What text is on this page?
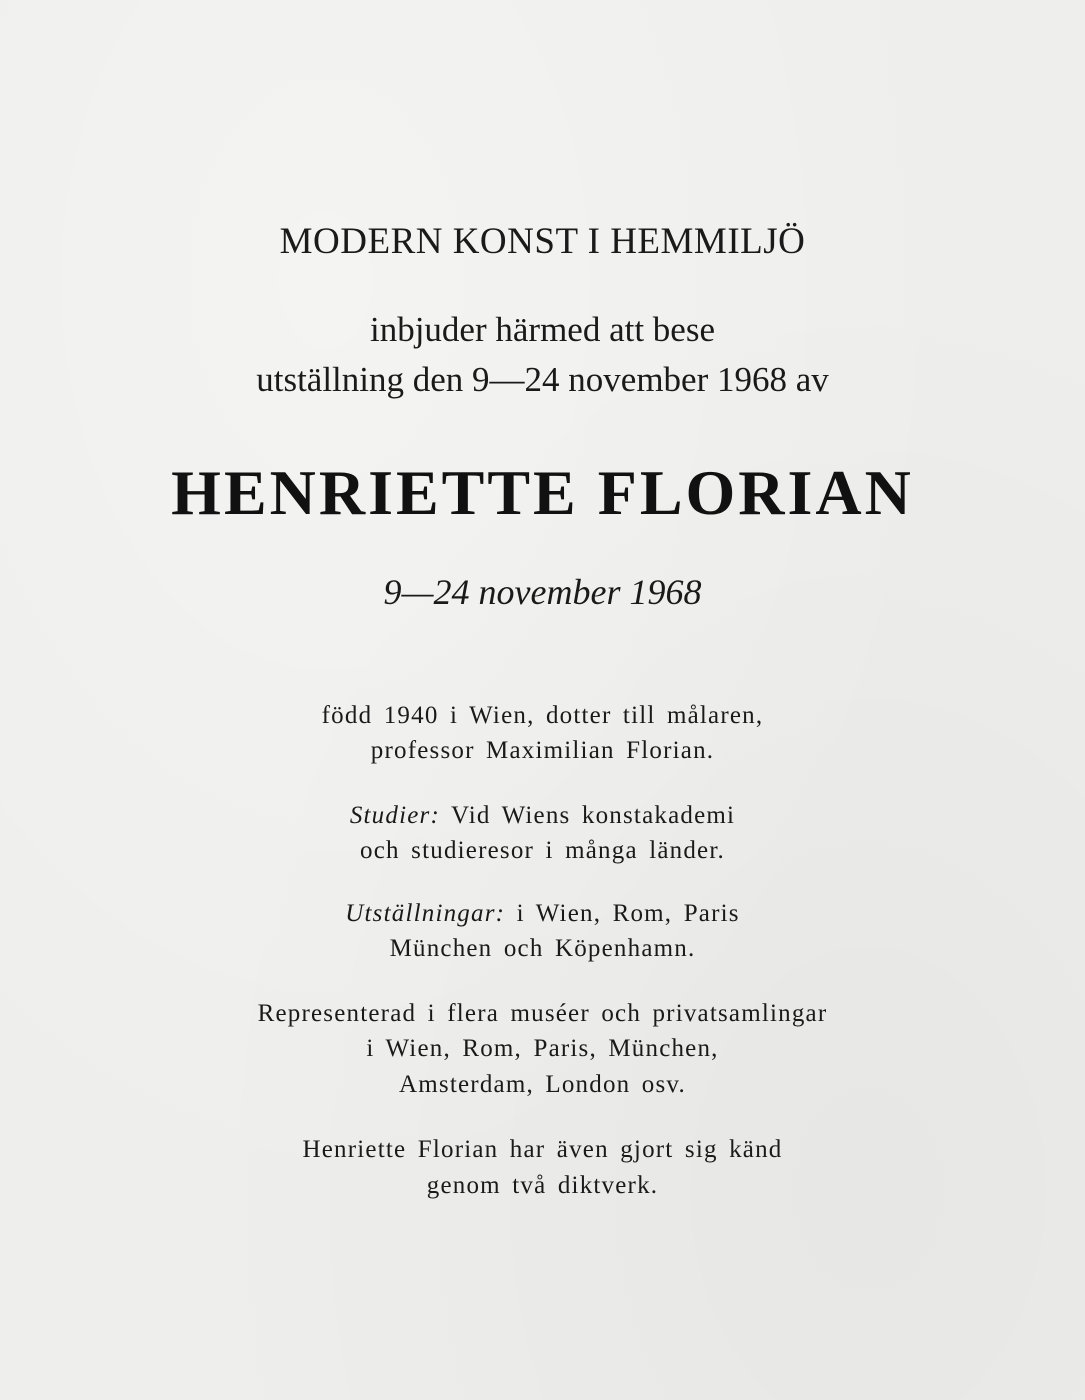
MODERN KONST I HEMMILJÖ

inbjuder härmed att bese

utställning den 9—24 november 1968 av

HENRIETTE FLORIAN

9—24 november 1968

född 1940 i Wien, dotter till målaren,

professor Maximilian Florian.

Studier: Vid Wiens konstakademi

och studieresor i många länder.

Utställningar: i Wien, Rom, Paris

München och Köpenhamn.

Representerad i flera muséer och privatsamlingar

i Wien, Rom, Paris, München,

Amsterdam, London osv.

Henriette Florian har även gjort sig känd

genom två diktverk.
